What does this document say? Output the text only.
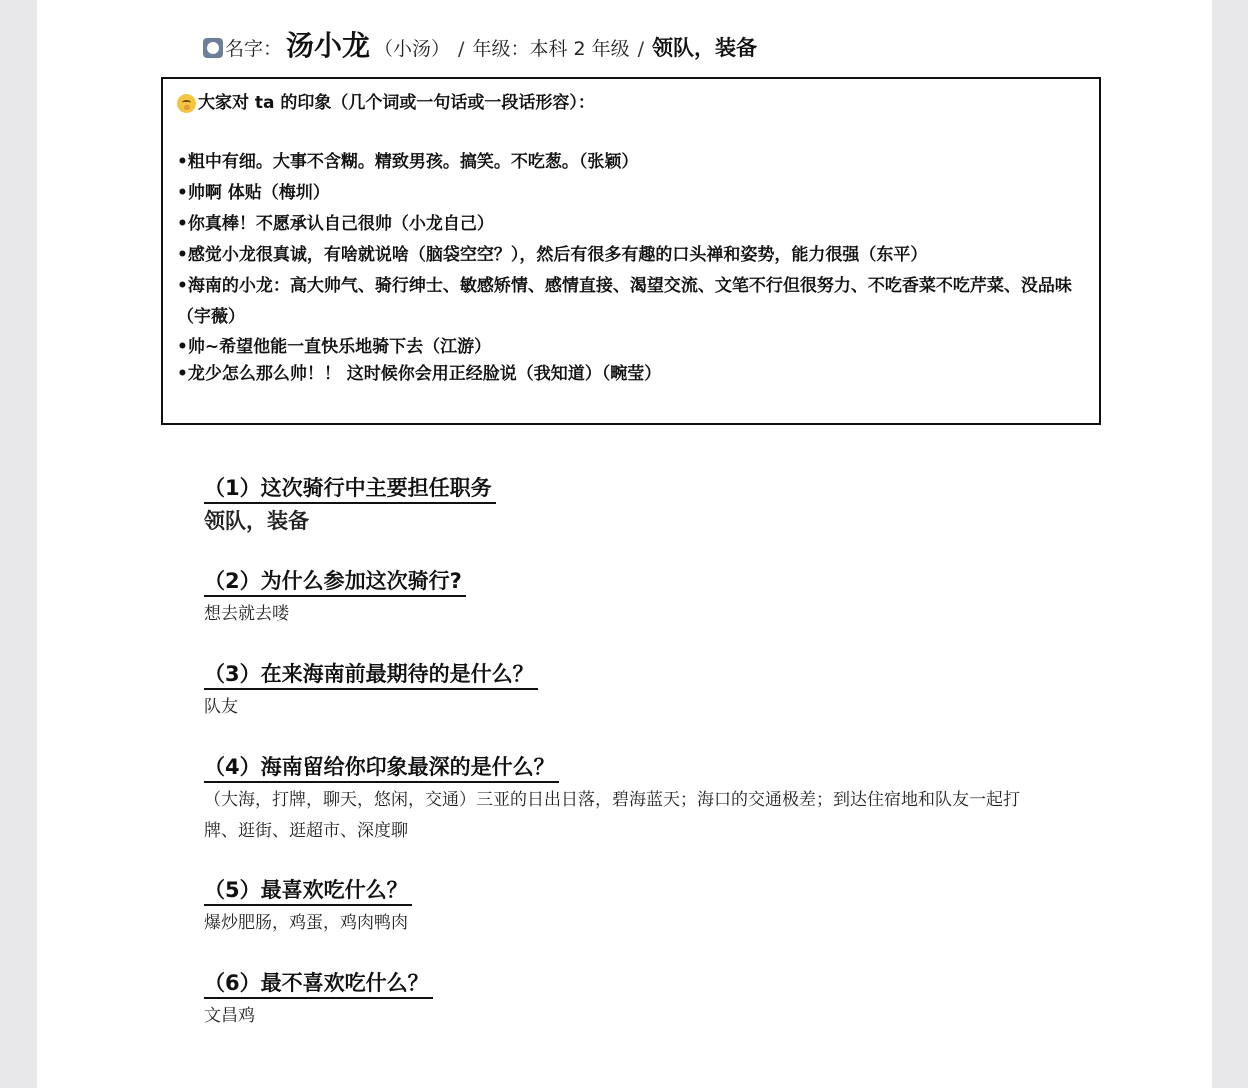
名字： 汤小龙 （小汤） / 年级：本科 2 年级 / 领队，装备
大家对 ta 的印象（几个词或一句话或一段话形容）：

•粗中有细。大事不含糊。精致男孩。搞笑。不吃葱。（张颖）

•帅啊 体贴（梅圳）

•你真棒！不愿承认自己很帅（小龙自己）

•感觉小龙很真诚，有啥就说啥（脑袋空空？），然后有很多有趣的口头禅和姿势，能力很强（东平）

•海南的小龙：高大帅气、骑行绅士、敏感矫情、感情直接、渴望交流、文笔不行但很努力、不吃香菜不吃芹菜、没品味（宇薇）

•帅~希望他能一直快乐地骑下去（江游）

•龙少怎么那么帅！！ 这时候你会用正经脸说（我知道）（畹莹）

（1）这次骑行中主要担任职务
领队，装备
（2）为什么参加这次骑行?
想去就去喽
（3）在来海南前最期待的是什么？
队友
（4）海南留给你印象最深的是什么？
（大海，打牌，聊天，悠闲，交通）三亚的日出日落，碧海蓝天；海口的交通极差；到达住宿地和队友一起打牌、逛街、逛超市、深度聊
（5）最喜欢吃什么？
爆炒肥肠，鸡蛋，鸡肉鸭肉
（6）最不喜欢吃什么？
文昌鸡
